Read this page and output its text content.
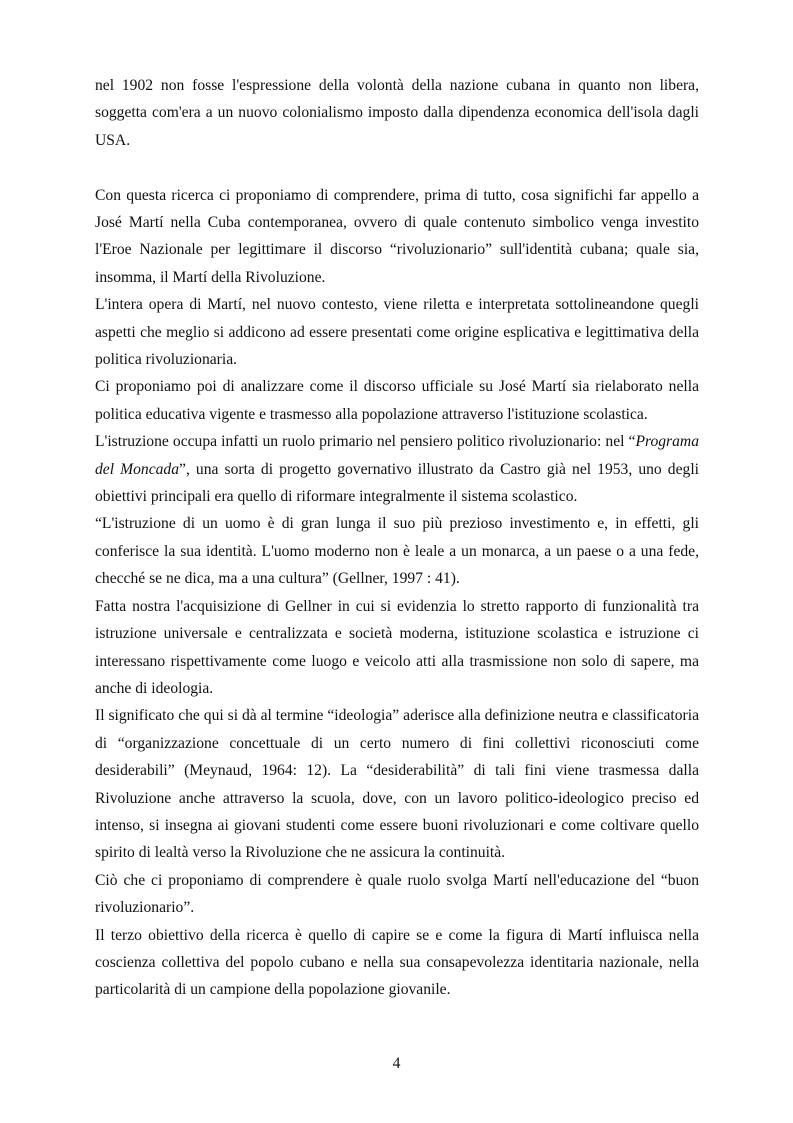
nel 1902 non fosse l'espressione della volontà della nazione cubana in quanto non libera, soggetta com'era a un nuovo colonialismo imposto dalla dipendenza economica dell'isola dagli USA.

Con questa ricerca ci proponiamo di comprendere, prima di tutto, cosa significhi far appello a José Martí nella Cuba contemporanea, ovvero di quale contenuto simbolico venga investito l'Eroe Nazionale per legittimare il discorso “rivoluzionario” sull'identità cubana; quale sia, insomma, il Martí della Rivoluzione.

L'intera opera di Martí, nel nuovo contesto, viene riletta e interpretata sottolineandone quegli aspetti che meglio si addicono ad essere presentati come origine esplicativa e legittimativa della politica rivoluzionaria.

Ci proponiamo poi di analizzare come il discorso ufficiale su José Martí sia rielaborato nella politica educativa vigente e trasmesso alla popolazione attraverso l'istituzione scolastica.

L'istruzione occupa infatti un ruolo primario nel pensiero politico rivoluzionario: nel “Programa del Moncada”, una sorta di progetto governativo illustrato da Castro già nel 1953, uno degli obiettivi principali era quello di riformare integralmente il sistema scolastico.

“L'istruzione di un uomo è di gran lunga il suo più prezioso investimento e, in effetti, gli conferisce la sua identità. L'uomo moderno non è leale a un monarca, a un paese o a una fede, checché se ne dica, ma a una cultura” (Gellner, 1997 : 41).

Fatta nostra l'acquisizione di Gellner in cui si evidenzia lo stretto rapporto di funzionalità tra istruzione universale e centralizzata e società moderna, istituzione scolastica e istruzione ci interessano rispettivamente come luogo e veicolo atti alla trasmissione non solo di sapere, ma anche di ideologia.

Il significato che qui si dà al termine “ideologia” aderisce alla definizione neutra e classificatoria di “organizzazione concettuale di un certo numero di fini collettivi riconosciuti come desiderabili” (Meynaud, 1964: 12). La “desiderabilità” di tali fini viene trasmessa dalla Rivoluzione anche attraverso la scuola, dove, con un lavoro politico-ideologico preciso ed intenso, si insegna ai giovani studenti come essere buoni rivoluzionari e come coltivare quello spirito di lealtà verso la Rivoluzione che ne assicura la continuità.

Ciò che ci proponiamo di comprendere è quale ruolo svolga Martí nell'educazione del “buon rivoluzionario”.

Il terzo obiettivo della ricerca è quello di capire se e come la figura di Martí influisca nella coscienza collettiva del popolo cubano e nella sua consapevolezza identitaria nazionale, nella particolarità di un campione della popolazione giovanile.

4
